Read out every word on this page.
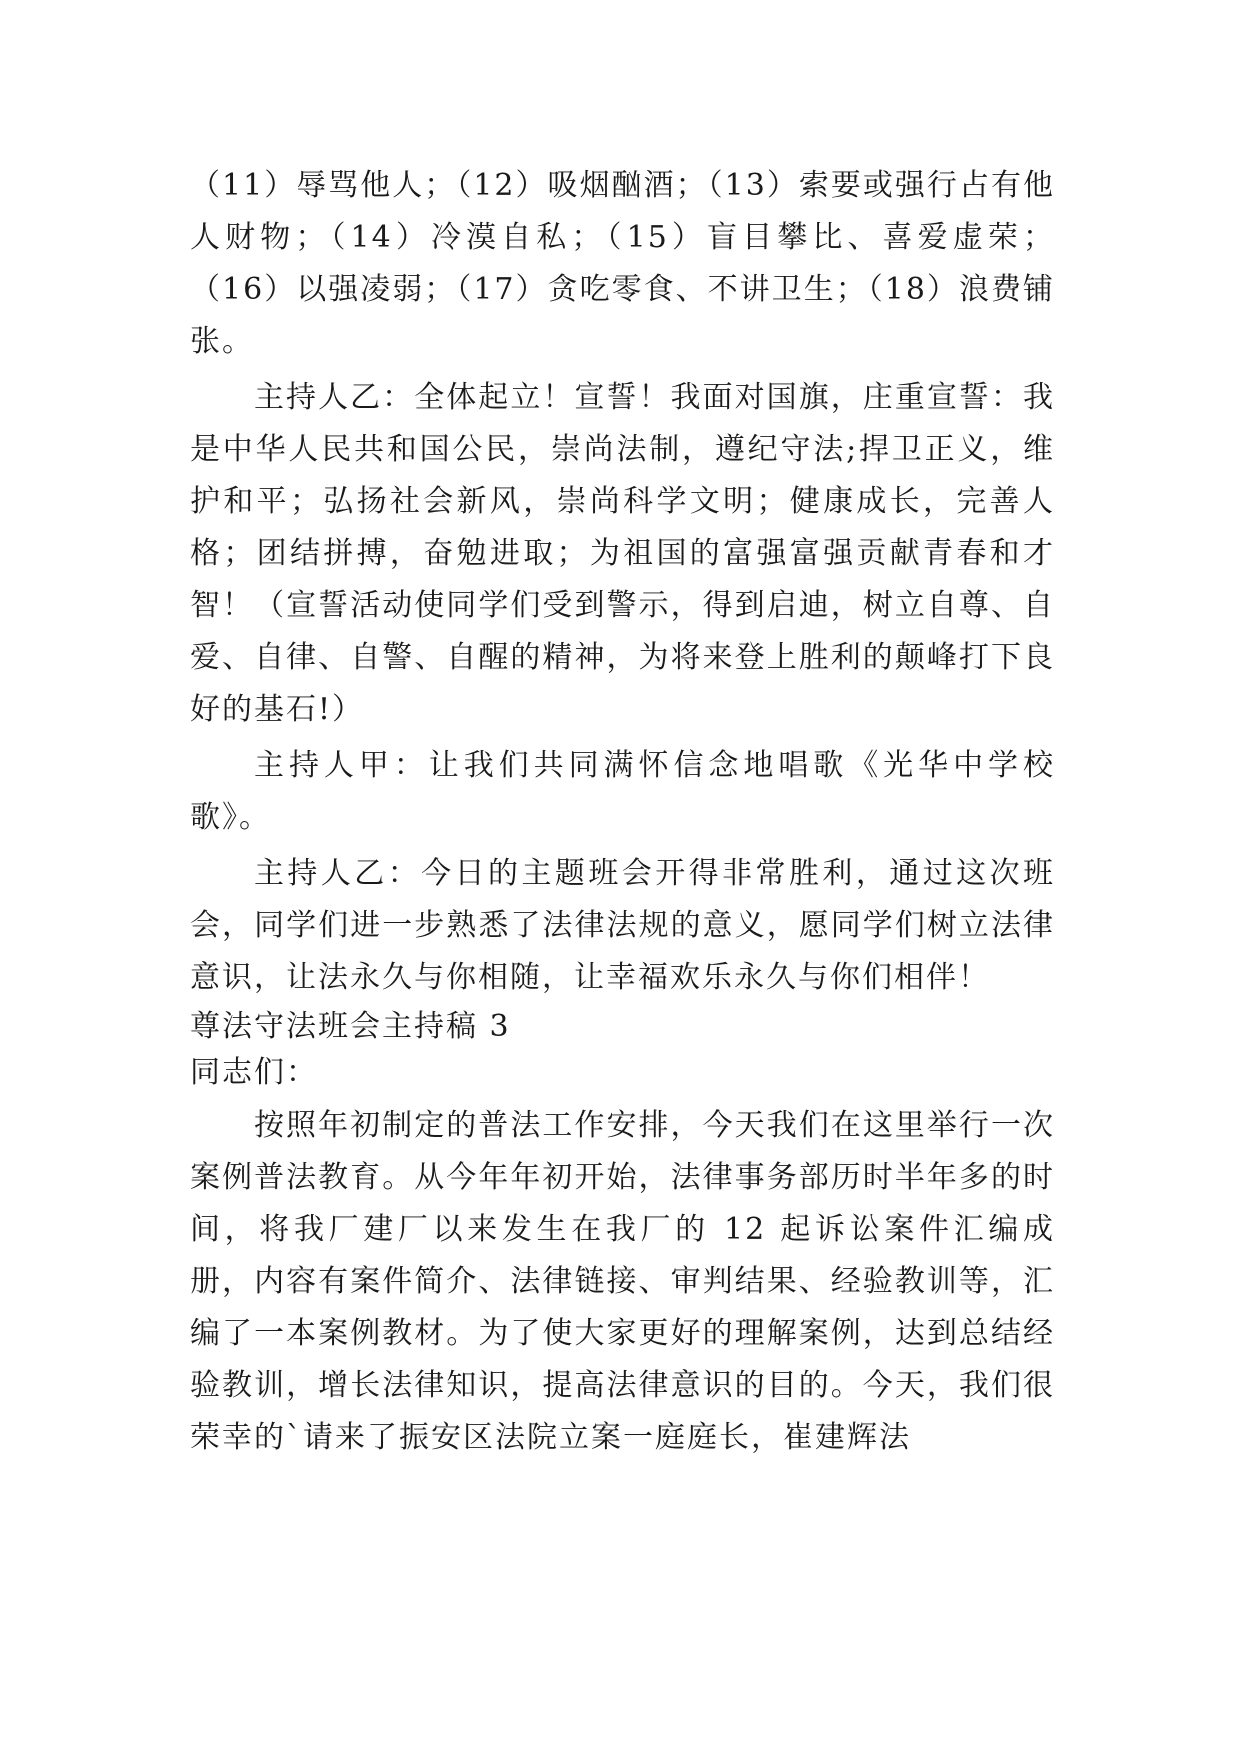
（11）辱骂他人；（12）吸烟酗酒；（13）索要或强行占有他人财物；（14）冷漠自私；（15）盲目攀比、喜爱虚荣；（16）以强凌弱；（17）贪吃零食、不讲卫生；（18）浪费铺张。

主持人乙：全体起立！宣誓！我面对国旗，庄重宣誓：我是中华人民共和国公民，崇尚法制，遵纪守法;捍卫正义，维护和平；弘扬社会新风，崇尚科学文明；健康成长，完善人格；团结拼搏，奋勉进取；为祖国的富强富强贡献青春和才智！（宣誓活动使同学们受到警示，得到启迪，树立自尊、自爱、自律、自警、自醒的精神，为将来登上胜利的颠峰打下良好的基石!）

主持人甲：让我们共同满怀信念地唱歌《光华中学校歌》。

主持人乙：今日的主题班会开得非常胜利，通过这次班会，同学们进一步熟悉了法律法规的意义，愿同学们树立法律意识，让法永久与你相随，让幸福欢乐永久与你们相伴！

尊法守法班会主持稿 3

同志们：

按照年初制定的普法工作安排，今天我们在这里举行一次案例普法教育。从今年年初开始，法律事务部历时半年多的时间，将我厂建厂以来发生在我厂的 12 起诉讼案件汇编成册，内容有案件简介、法律链接、审判结果、经验教训等，汇编了一本案例教材。为了使大家更好的理解案例，达到总结经验教训，增长法律知识，提高法律意识的目的。今天，我们很荣幸的`请来了振安区法院立案一庭庭长，崔建辉法
